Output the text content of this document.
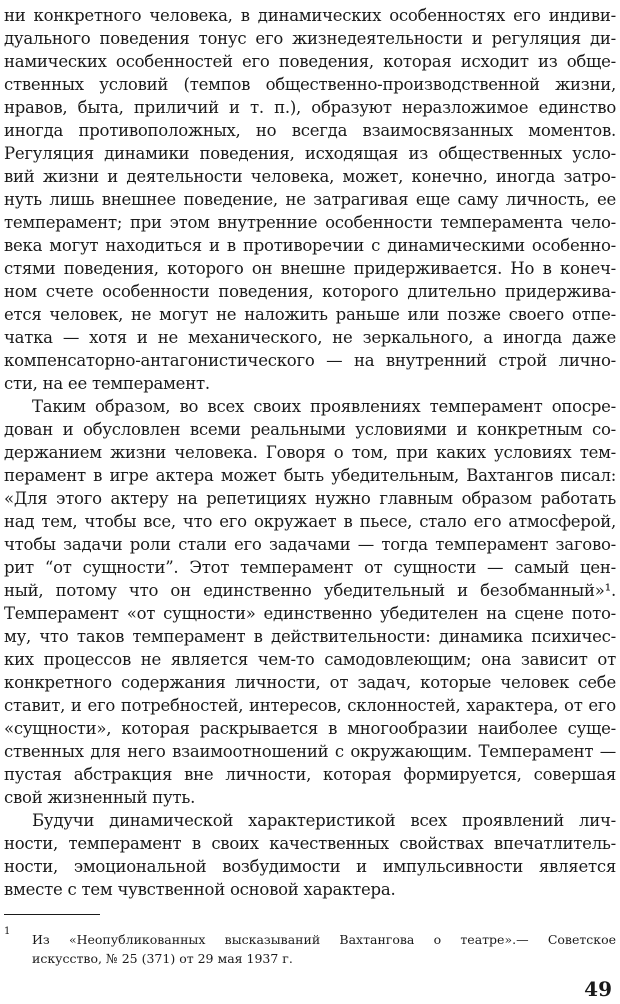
ни конкретного человека, в динамических особенностях его индиви-
дуального поведения тонус его жизнедеятельности и регуляция ди-
намических особенностей его поведения, которая исходит из обще-
ственных условий (темпов общественно-производственной жизни,
нравов, быта, приличий и т. п.), образуют неразложимое единство
иногда противоположных, но всегда взаимосвязанных моментов.
Регуляция динамики поведения, исходящая из общественных усло-
вий жизни и деятельности человека, может, конечно, иногда затро-
нуть лишь внешнее поведение, не затрагивая еще саму личность, ее
темперамент; при этом внутренние особенности темперамента чело-
века могут находиться и в противоречии с динамическими особенно-
стями поведения, которого он внешне придерживается. Но в конеч-
ном счете особенности поведения, которого длительно придержива-
ется человек, не могут не наложить раньше или позже своего отпе-
чатка — хотя и не механического, не зеркального, а иногда даже
компенсаторно-антагонистического — на внутренний строй лично-
сти, на ее темперамент.
Таким образом, во всех своих проявлениях темперамент опосре-
дован и обусловлен всеми реальными условиями и конкретным со-
держанием жизни человека. Говоря о том, при каких условиях тем-
перамент в игре актера может быть убедительным, Вахтангов писал:
«Для этого актеру на репетициях нужно главным образом работать
над тем, чтобы все, что его окружает в пьесе, стало его атмосферой,
чтобы задачи роли стали его задачами — тогда темперамент загово-
рит “от сущности”. Этот темперамент от сущности — самый цен-
ный, потому что он единственно убедительный и безобманный»¹.
Темперамент «от сущности» единственно убедителен на сцене пото-
му, что таков темперамент в действительности: динамика психичес-
ких процессов не является чем-то самодовлеющим; она зависит от
конкретного содержания личности, от задач, которые человек себе
ставит, и его потребностей, интересов, склонностей, характера, от его
«сущности», которая раскрывается в многообразии наиболее суще-
ственных для него взаимоотношений с окружающим. Темперамент —
пустая абстракция вне личности, которая формируется, совершая
свой жизненный путь.
Будучи динамической характеристикой всех проявлений лич-
ности, темперамент в своих качественных свойствах впечатлитель-
ности, эмоциональной возбудимости и импульсивности является
вместе с тем чувственной основой характера.
1
Из «Неопубликованных высказываний Вахтангова о театре».— Советское
искусство, № 25 (371) от 29 мая 1937 г.
49
